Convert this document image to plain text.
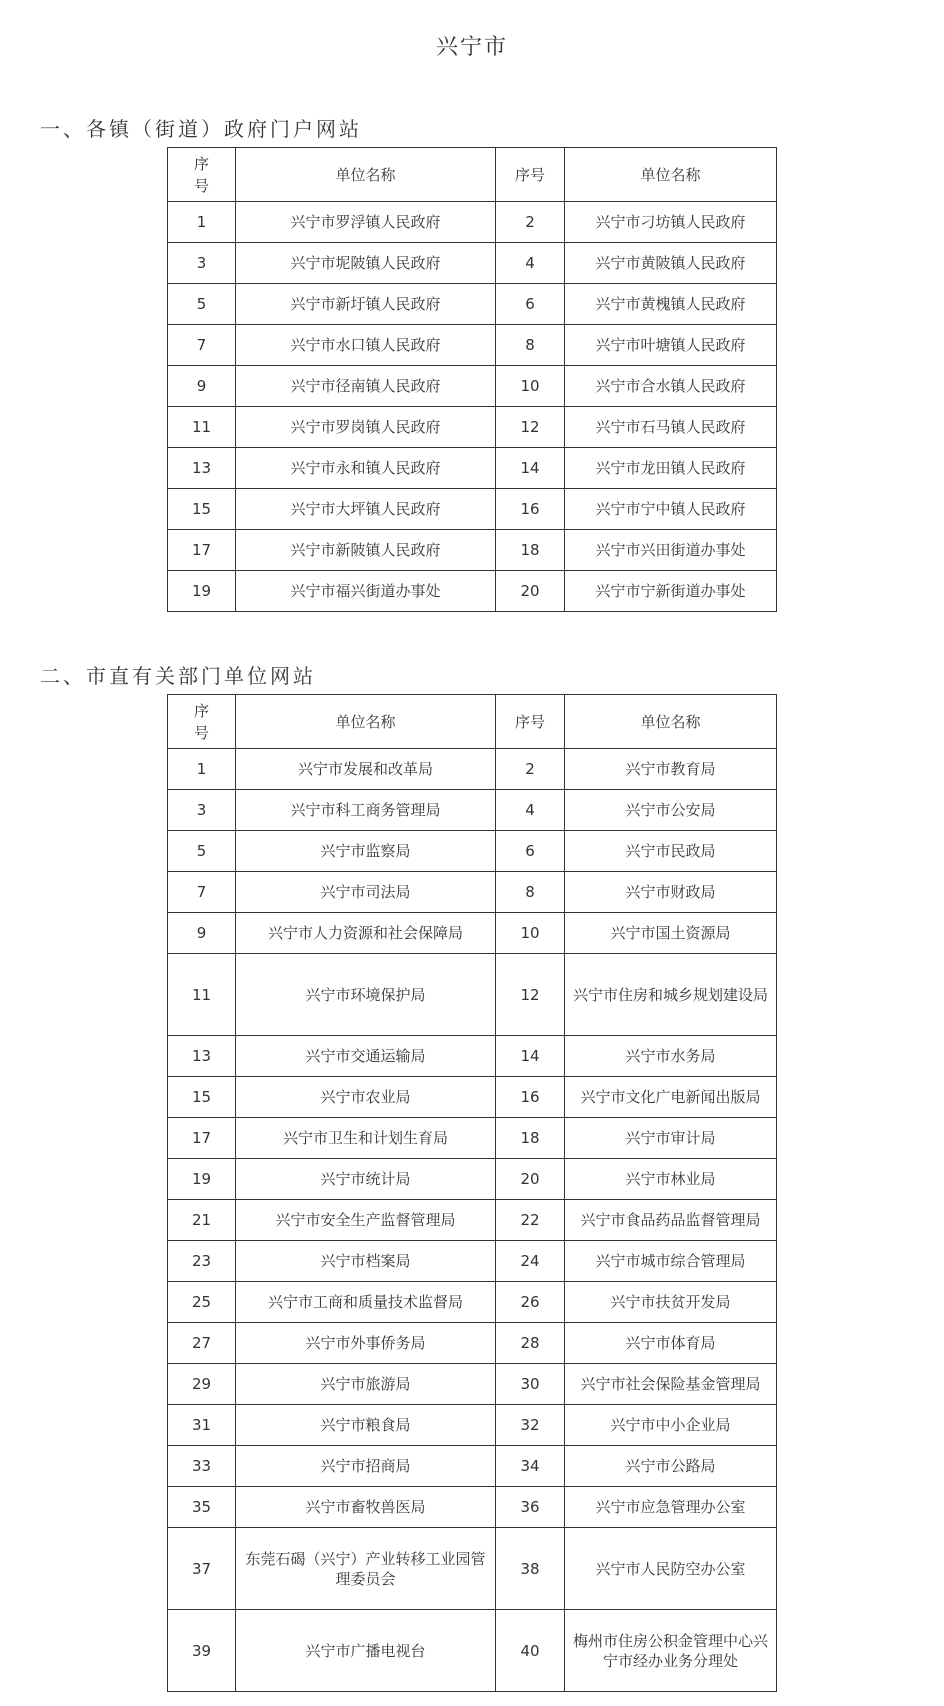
兴宁市
一、各镇（街道）政府门户网站
序
号	单位名称	序号	单位名称
1	兴宁市罗浮镇人民政府	2	兴宁市刁坊镇人民政府
3	兴宁市坭陂镇人民政府	4	兴宁市黄陂镇人民政府
5	兴宁市新圩镇人民政府	6	兴宁市黄槐镇人民政府
7	兴宁市水口镇人民政府	8	兴宁市叶塘镇人民政府
9	兴宁市径南镇人民政府	10	兴宁市合水镇人民政府
11	兴宁市罗岗镇人民政府	12	兴宁市石马镇人民政府
13	兴宁市永和镇人民政府	14	兴宁市龙田镇人民政府
15	兴宁市大坪镇人民政府	16	兴宁市宁中镇人民政府
17	兴宁市新陂镇人民政府	18	兴宁市兴田街道办事处
19	兴宁市福兴街道办事处	20	兴宁市宁新街道办事处
二、市直有关部门单位网站
序
号	单位名称	序号	单位名称
1	兴宁市发展和改革局	2	兴宁市教育局
3	兴宁市科工商务管理局	4	兴宁市公安局
5	兴宁市监察局	6	兴宁市民政局
7	兴宁市司法局	8	兴宁市财政局
9	兴宁市人力资源和社会保障局	10	兴宁市国土资源局
11	兴宁市环境保护局	12	兴宁市住房和城乡规划建设局
13	兴宁市交通运输局	14	兴宁市水务局
15	兴宁市农业局	16	兴宁市文化广电新闻出版局
17	兴宁市卫生和计划生育局	18	兴宁市审计局
19	兴宁市统计局	20	兴宁市林业局
21	兴宁市安全生产监督管理局	22	兴宁市食品药品监督管理局
23	兴宁市档案局	24	兴宁市城市综合管理局
25	兴宁市工商和质量技术监督局	26	兴宁市扶贫开发局
27	兴宁市外事侨务局	28	兴宁市体育局
29	兴宁市旅游局	30	兴宁市社会保险基金管理局
31	兴宁市粮食局	32	兴宁市中小企业局
33	兴宁市招商局	34	兴宁市公路局
35	兴宁市畜牧兽医局	36	兴宁市应急管理办公室
37	东莞石碣（兴宁）产业转移工业园管理委员会	38	兴宁市人民防空办公室
39	兴宁市广播电视台	40	梅州市住房公积金管理中心兴宁市经办业务分理处
